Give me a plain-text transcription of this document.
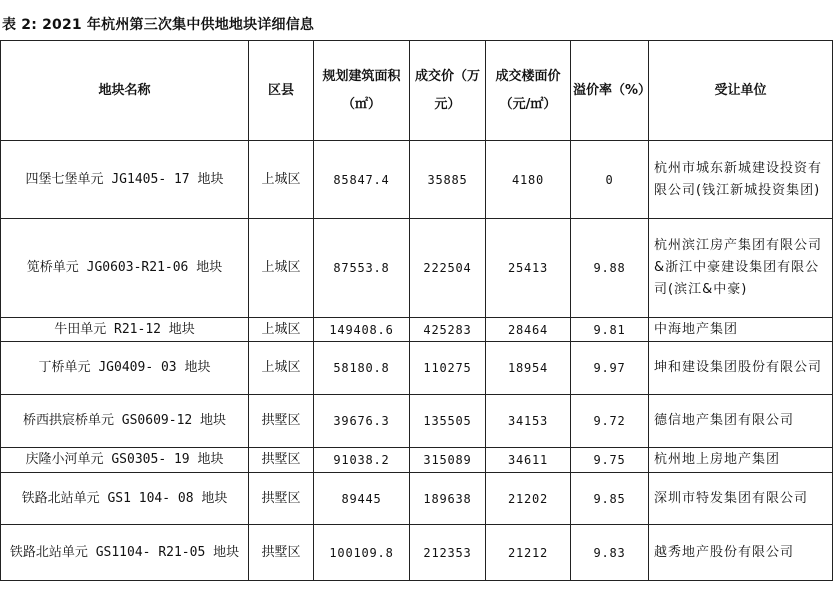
表 2: 2021 年杭州第三次集中供地地块详细信息
地块名称	区县	规划建筑面积（㎡）	成交价（万元）	成交楼面价（元/㎡）	溢价率（%）	受让单位
四堡七堡单元 JG1405- 17 地块	上城区	85847.4	35885	4180	0	杭州市城东新城建设投资有限公司(钱江新城投资集团)
笕桥单元 JG0603-R21-06 地块	上城区	87553.8	222504	25413	9.88	杭州滨江房产集团有限公司&浙江中豪建设集团有限公司(滨江&中豪)
牛田单元 R21-12 地块	上城区	149408.6	425283	28464	9.81	中海地产集团
丁桥单元 JG0409- 03 地块	上城区	58180.8	110275	18954	9.97	坤和建设集团股份有限公司
桥西拱宸桥单元 GS0609-12 地块	拱墅区	39676.3	135505	34153	9.72	德信地产集团有限公司
庆隆小河单元 GS0305- 19 地块	拱墅区	91038.2	315089	34611	9.75	杭州地上房地产集团
铁路北站单元 GS1 104- 08 地块	拱墅区	89445	189638	21202	9.85	深圳市特发集团有限公司
铁路北站单元 GS1104- R21-05 地块	拱墅区	100109.8	212353	21212	9.83	越秀地产股份有限公司
